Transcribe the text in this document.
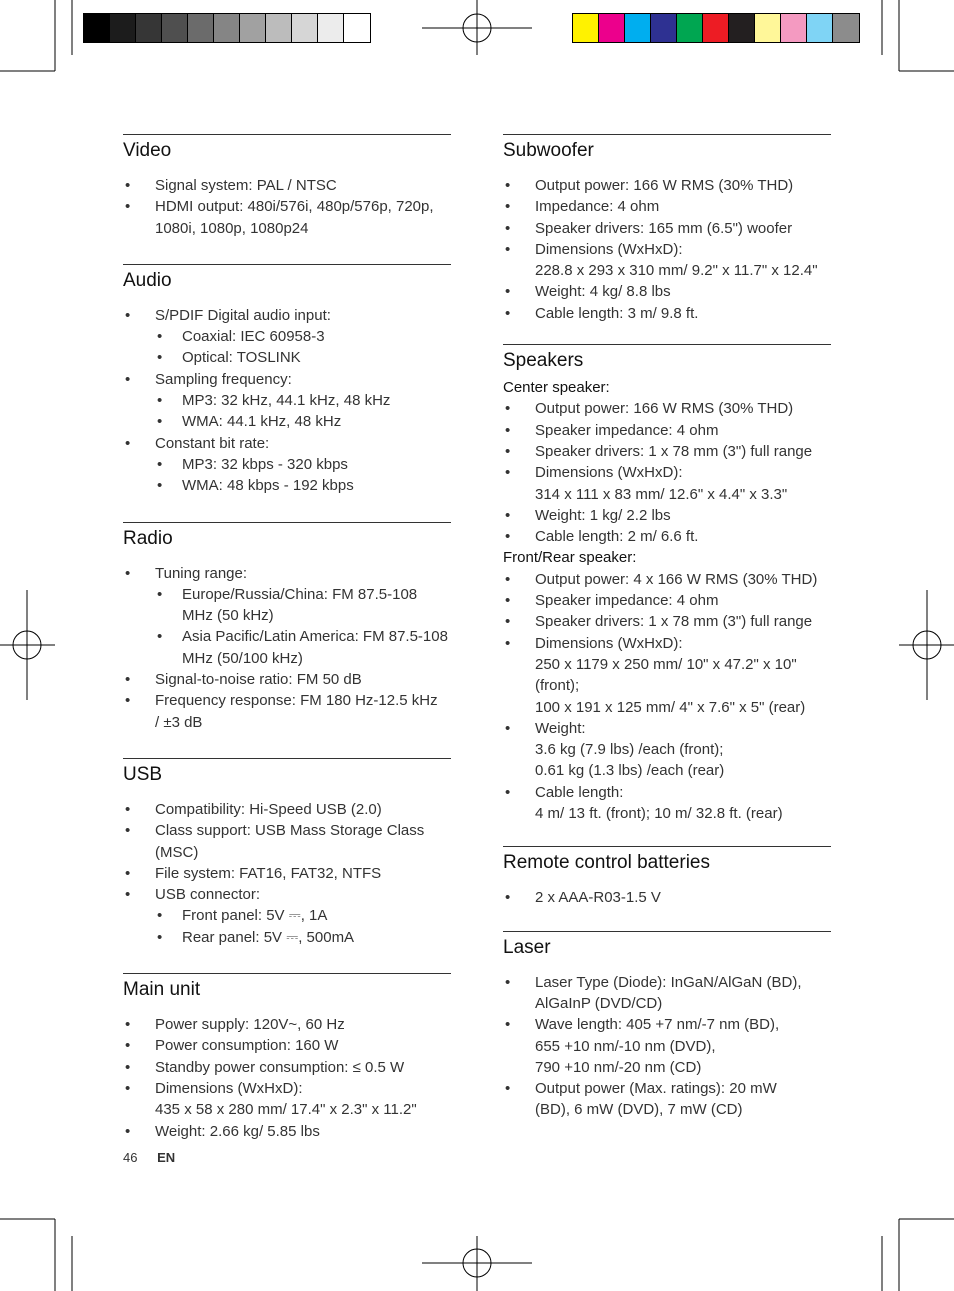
Video
• Signal system: PAL / NTSC
• HDMI output: 480i/576i, 480p/576p, 720p,
1080i, 1080p, 1080p24
Audio
• S/PDIF Digital audio input:
• Coaxial: IEC 60958-3
• Optical: TOSLINK
• Sampling frequency:
• MP3: 32 kHz, 44.1 kHz, 48 kHz
• WMA: 44.1 kHz, 48 kHz
• Constant bit rate:
• MP3: 32 kbps - 320 kbps
• WMA: 48 kbps - 192 kbps
Radio
• Tuning range:
• Europe/Russia/China: FM 87.5-108
MHz (50 kHz)
• Asia Pacific/Latin America: FM 87.5-108
MHz (50/100 kHz)
• Signal-to-noise ratio: FM 50 dB
• Frequency response: FM 180 Hz-12.5 kHz
/ ±3 dB
USB
• Compatibility: Hi-Speed USB (2.0)
• Class support: USB Mass Storage Class
(MSC)
• File system: FAT16, FAT32, NTFS
• USB connector:
• Front panel: 5V ⎓, 1A
• Rear panel: 5V ⎓, 500mA
Main unit
• Power supply: 120V~, 60 Hz
• Power consumption: 160 W
• Standby power consumption: ≤ 0.5 W
• Dimensions (WxHxD):
435 x 58 x 280 mm/ 17.4" x 2.3" x 11.2"
• Weight: 2.66 kg/ 5.85 lbs
Subwoofer
• Output power: 166 W RMS (30% THD)
• Impedance: 4 ohm
• Speaker drivers: 165 mm (6.5") woofer
• Dimensions (WxHxD):
228.8 x 293 x 310 mm/ 9.2" x 11.7" x 12.4"
• Weight: 4 kg/ 8.8 lbs
• Cable length: 3 m/ 9.8 ft.
Speakers

Center speaker:

• Output power: 166 W RMS (30% THD)
• Speaker impedance: 4 ohm
• Speaker drivers: 1 x 78 mm (3") full range
• Dimensions (WxHxD):
314 x 111 x 83 mm/ 12.6" x 4.4" x 3.3"
• Weight: 1 kg/ 2.2 lbs
• Cable length: 2 m/ 6.6 ft.

Front/Rear speaker:

• Output power: 4 x 166 W RMS (30% THD)
• Speaker impedance: 4 ohm
• Speaker drivers: 1 x 78 mm (3") full range
• Dimensions (WxHxD):
250 x 1179 x 250 mm/ 10" x 47.2" x 10"
(front);
100 x 191 x 125 mm/ 4" x 7.6" x 5" (rear)
• Weight:
3.6 kg (7.9 lbs) /each (front);
0.61 kg (1.3 lbs) /each (rear)
• Cable length:
4 m/ 13 ft. (front); 10 m/ 32.8 ft. (rear)
Remote control batteries
• 2 x AAA-R03-1.5 V
Laser
• Laser Type (Diode): InGaN/AlGaN (BD),
AlGaInP (DVD/CD)
• Wave length: 405 +7 nm/-7 nm (BD),
655 +10 nm/-10 nm (DVD),
790 +10 nm/-20 nm (CD)
• Output power (Max. ratings): 20 mW
(BD), 6 mW (DVD), 7 mW (CD)
46 EN
